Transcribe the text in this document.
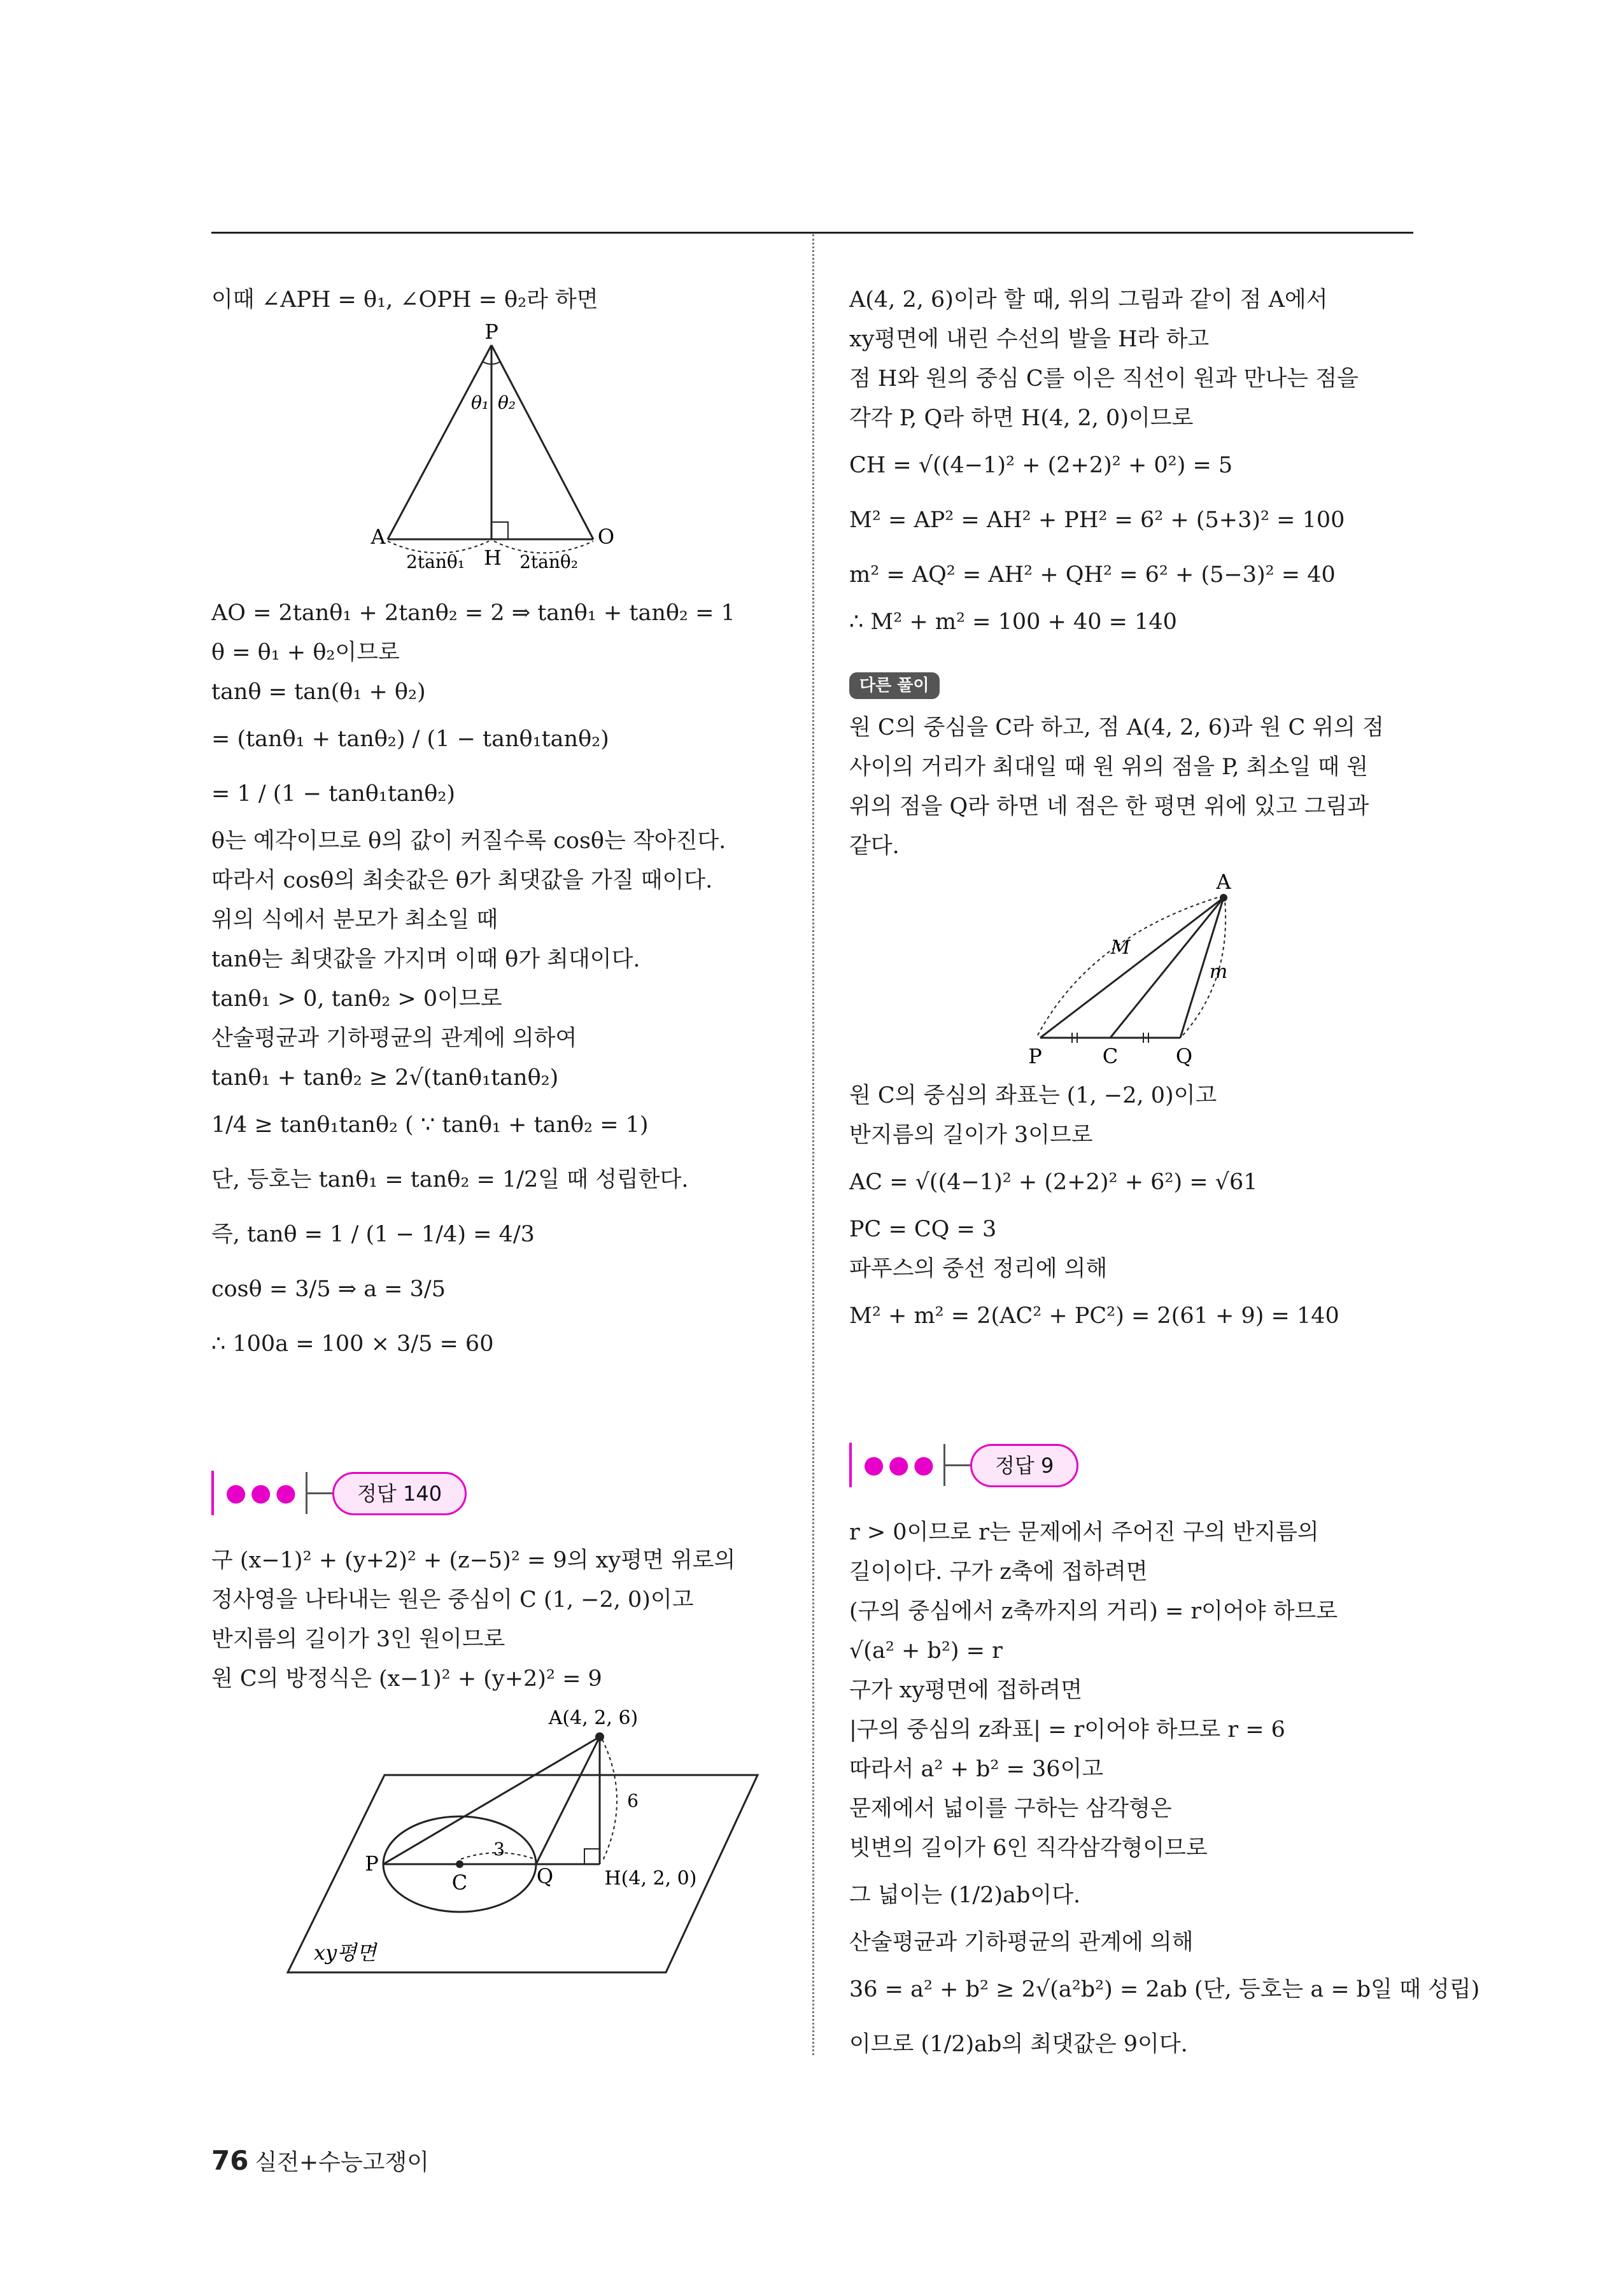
이때 ∠APH = θ₁, ∠OPH = θ₂라 하면
P
A	O
H
θ₁ θ₂
2tanθ₁	2tanθ₂
AO = 2tanθ₁ + 2tanθ₂ = 2 ⇒ tanθ₁ + tanθ₂ = 1
θ = θ₁ + θ₂이므로
tanθ = tan(θ₁ + θ₂)
= (tanθ₁ + tanθ₂) / (1 − tanθ₁tanθ₂)
= 1 / (1 − tanθ₁tanθ₂)
θ는 예각이므로 θ의 값이 커질수록 cosθ는 작아진다.
따라서 cosθ의 최솟값은 θ가 최댓값을 가질 때이다.
위의 식에서 분모가 최소일 때
tanθ는 최댓값을 가지며 이때 θ가 최대이다.
tanθ₁ > 0, tanθ₂ > 0이므로
산술평균과 기하평균의 관계에 의하여
tanθ₁ + tanθ₂ ≥ 2√(tanθ₁tanθ₂)
1/4 ≥ tanθ₁tanθ₂ ( ∵ tanθ₁ + tanθ₂ = 1)
단, 등호는 tanθ₁ = tanθ₂ = 1/2일 때 성립한다.
즉, tanθ = 1 / (1 − 1/4) = 4/3
cosθ = 3/5 ⇒ a = 3/5
∴ 100a = 100 × 3/5 = 60
●●●	정답 140
구 (x−1)² + (y+2)² + (z−5)² = 9의 xy평면 위로의
정사영을 나타내는 원은 중심이 C (1, −2, 0)이고
반지름의 길이가 3인 원이므로
원 C의 방정식은 (x−1)² + (y+2)² = 9
A(4, 2, 6)
P
C	Q	H(4, 2, 0)
3
6
xy평면
A(4, 2, 6)이라 할 때, 위의 그림과 같이 점 A에서
xy평면에 내린 수선의 발을 H라 하고
점 H와 원의 중심 C를 이은 직선이 원과 만나는 점을
각각 P, Q라 하면 H(4, 2, 0)이므로
CH = √((4−1)² + (2+2)² + 0²) = 5
M² = AP² = AH² + PH² = 6² + (5+3)² = 100
m² = AQ² = AH² + QH² = 6² + (5−3)² = 40
∴ M² + m² = 100 + 40 = 140
다른 풀이
원 C의 중심을 C라 하고, 점 A(4, 2, 6)과 원 C 위의 점
사이의 거리가 최대일 때 원 위의 점을 P, 최소일 때 원
위의 점을 Q라 하면 네 점은 한 평면 위에 있고 그림과
같다.
A
M
m
P	C	Q
원 C의 중심의 좌표는 (1, −2, 0)이고
반지름의 길이가 3이므로
AC = √((4−1)² + (2+2)² + 6²) = √61
PC = CQ = 3
파푸스의 중선 정리에 의해
M² + m² = 2(AC² + PC²) = 2(61 + 9) = 140
●●●	정답 9
r > 0이므로 r는 문제에서 주어진 구의 반지름의
길이이다. 구가 z축에 접하려면
(구의 중심에서 z축까지의 거리) = r이어야 하므로
√(a² + b²) = r
구가 xy평면에 접하려면
|구의 중심의 z좌표| = r이어야 하므로 r = 6
따라서 a² + b² = 36이고
문제에서 넓이를 구하는 삼각형은
빗변의 길이가 6인 직각삼각형이므로
그 넓이는 (1/2)ab이다.
산술평균과 기하평균의 관계에 의해
36 = a² + b² ≥ 2√(a²b²) = 2ab (단, 등호는 a = b일 때 성립)
이므로 (1/2)ab의 최댓값은 9이다.
76 실전+수능고쟁이
